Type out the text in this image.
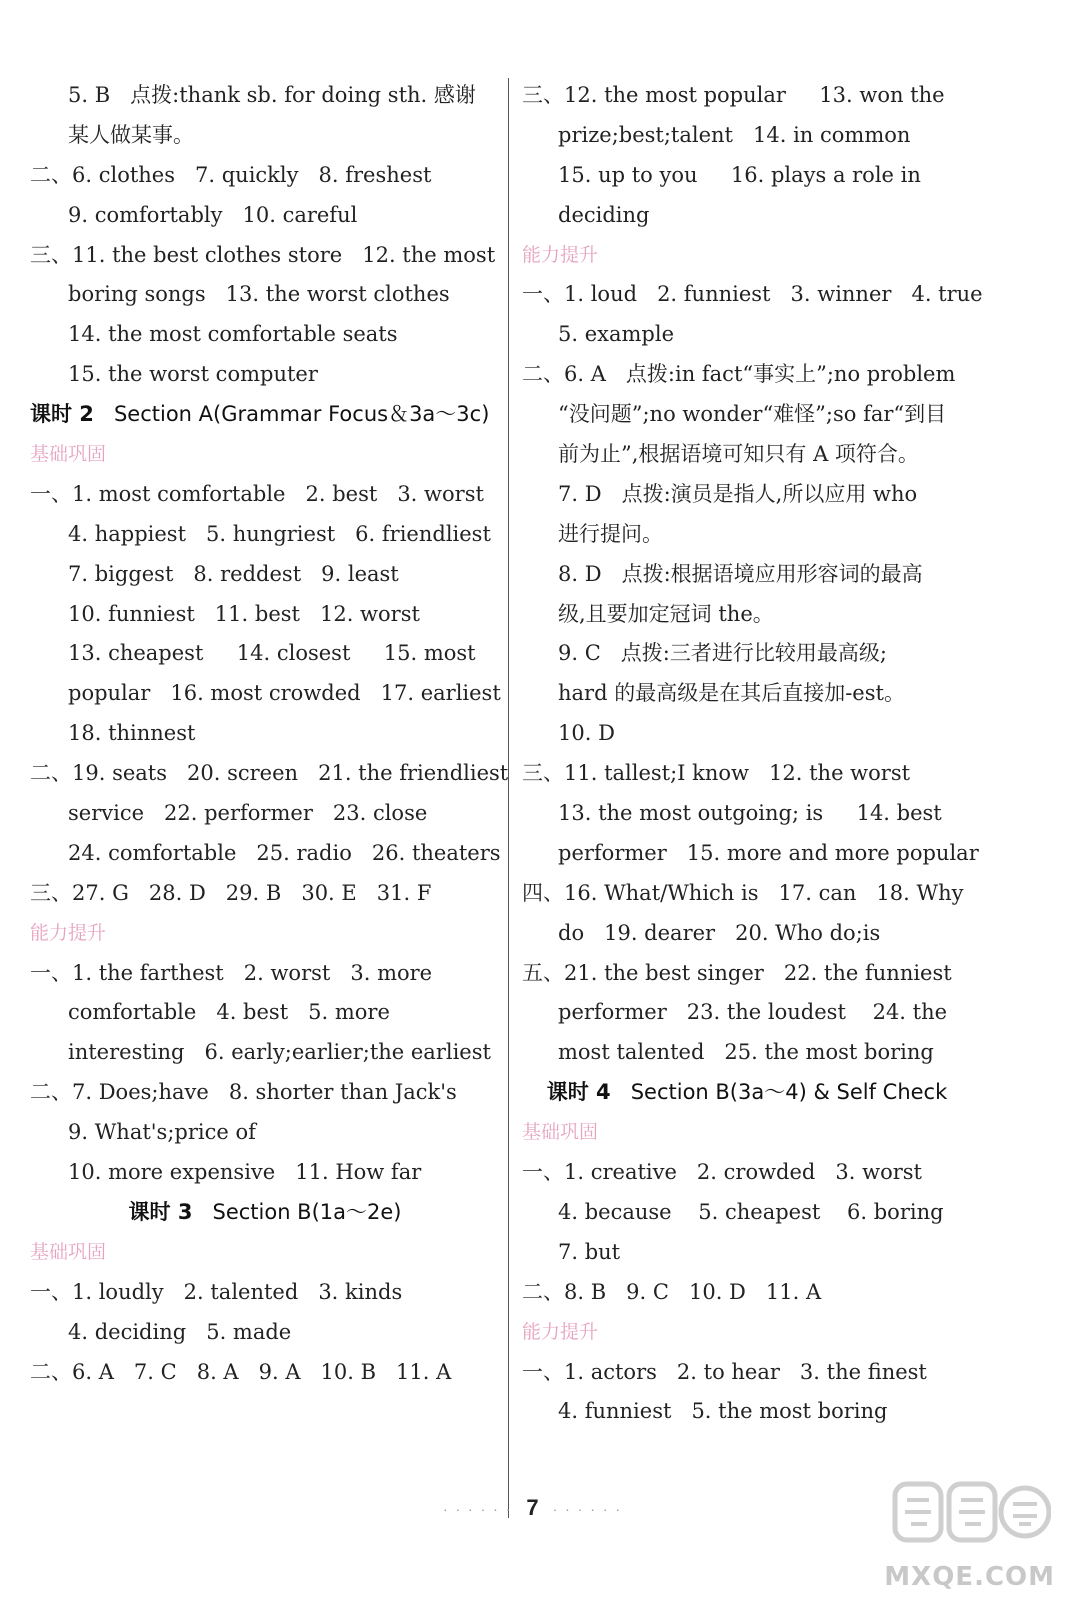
5. B   点拨:thank sb. for doing sth. 感谢
某人做某事。
二、6. clothes   7. quickly   8. freshest
9. comfortably   10. careful
三、11. the best clothes store   12. the most
boring songs   13. the worst clothes
14. the most comfortable seats
15. the worst computer
课时 2 Section A(Grammar Focus＆3a～3c)
基础巩固
一、1. most comfortable   2. best   3. worst
4. happiest   5. hungriest   6. friendliest
7. biggest   8. reddest   9. least
10. funniest   11. best   12. worst
13. cheapest     14. closest     15. most
popular   16. most crowded   17. earliest
18. thinnest
二、19. seats   20. screen   21. the friendliest
service   22. performer   23. close
24. comfortable   25. radio   26. theaters
三、27. G   28. D   29. B   30. E   31. F
能力提升
一、1. the farthest   2. worst   3. more
comfortable   4. best   5. more
interesting   6. early;earlier;the earliest
二、7. Does;have   8. shorter than Jack's
9. What's;price of
10. more expensive   11. How far
课时 3 Section B(1a～2e)
基础巩固
一、1. loudly   2. talented   3. kinds
4. deciding   5. made
二、6. A   7. C   8. A   9. A   10. B   11. A
三、12. the most popular     13. won the
prize;best;talent   14. in common
15. up to you     16. plays a role in
deciding
能力提升
一、1. loud   2. funniest   3. winner   4. true
5. example
二、6. A   点拨:in fact“事实上”;no problem
“没问题”;no wonder“难怪”;so far“到目
前为止”,根据语境可知只有 A 项符合。
7. D   点拨:演员是指人,所以应用 who
进行提问。
8. D   点拨:根据语境应用形容词的最高
级,且要加定冠词 the。
9. C   点拨:三者进行比较用最高级;
hard 的最高级是在其后直接加-est。
10. D
三、11. tallest;I know   12. the worst
13. the most outgoing; is     14. best
performer   15. more and more popular
四、16. What/Which is   17. can   18. Why
do   19. dearer   20. Who do;is
五、21. the best singer   22. the funniest
performer   23. the loudest    24. the
most talented   25. the most boring
课时 4 Section B(3a～4) & Self Check
基础巩固
一、1. creative   2. crowded   3. worst
4. because    5. cheapest    6. boring
7. but
二、8. B   9. C   10. D   11. A
能力提升
一、1. actors   2. to hear   3. the finest
4. funniest   5. the most boring
· · · · · · 7 · · · · · ·
MXQE.COM
